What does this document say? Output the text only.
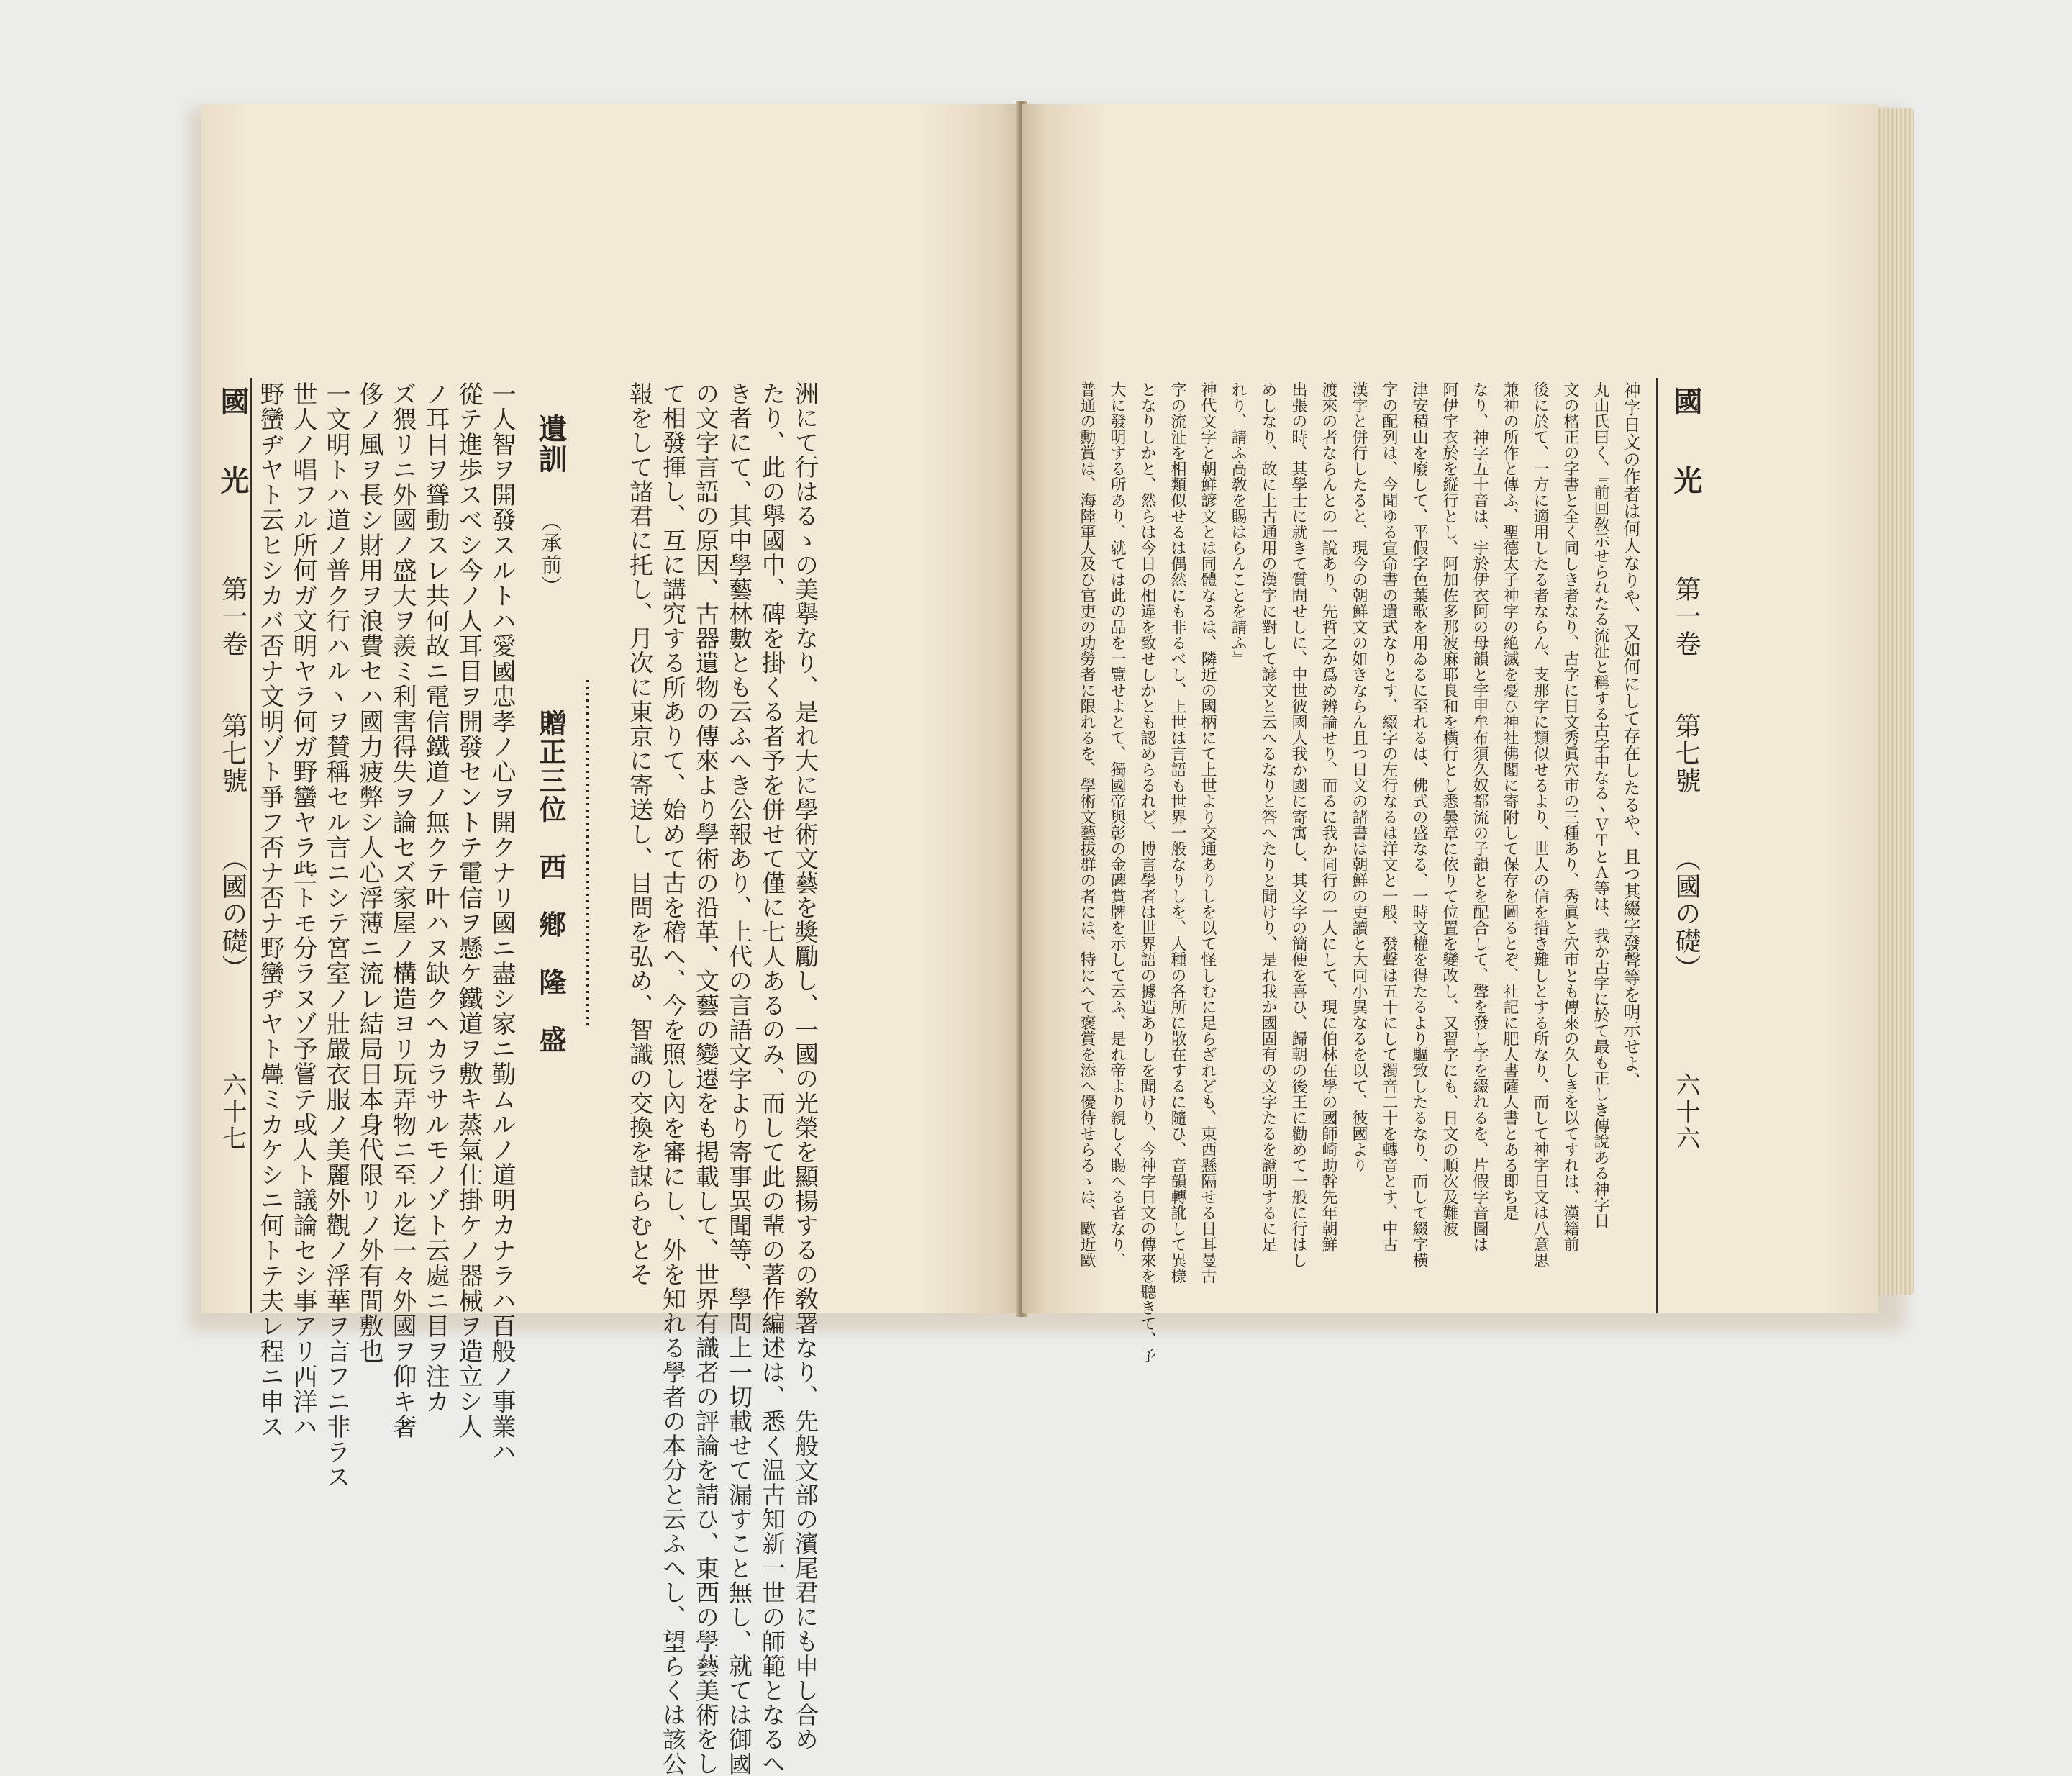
國
光
第一卷
第七號
（國の礎）
六十七	洲にて行はるゝの美擧なり、是れ大に學術文藝を獎勵し、一國の光榮を顯揚するの敎署なり、先般文部の濱尾君にも申し合め
たり、此の擧國中、碑を掛くる者予を併せて僅に七人あるのみ、而して此の輩の著作編述は、悉く温古知新一世の師範となるへ
き者にて、其中學藝林數とも云ふへき公報あり、上代の言語文字より寄事異聞等、學問上一切載せて漏すこと無し、就ては御國
の文字言語の原因、古器遺物の傳來より學術の沿革、文藝の變遷をも掲載して、世界有識者の評論を請ひ、東西の學藝美術をし
て相發揮し、互に講究する所ありて、始めて古を稽へ、今を照し內を審にし、外を知れる學者の本分と云ふへし、望らくは該公
報をして諸君に托し、月次に東京に寄送し、目問を弘め、智識の交換を謀らむとそ
遺訓
（承前）
贈正三位　西　鄕　隆　盛
一人智ヲ開發スルトハ愛國忠孝ノ心ヲ開クナリ國ニ盡シ家ニ勤ムルノ道明カナラハ百般ノ事業ハ
從テ進歩スベシ今ノ人耳目ヲ開發セントテ電信ヲ懸ケ鐵道ヲ敷キ蒸氣仕掛ケノ器械ヲ造立シ人
ノ耳目ヲ聳動スレ共何故ニ電信鐵道ノ無クテ叶ハヌ缺クヘカラサルモノゾト云處ニ目ヲ注カ
ズ猥リニ外國ノ盛大ヲ羨ミ利害得失ヲ論セズ家屋ノ構造ヨリ玩弄物ニ至ル迄一々外國ヲ仰キ奢
侈ノ風ヲ長シ財用ヲ浪費セハ國力疲弊シ人心浮薄ニ流レ結局日本身代限リノ外有間敷也
一文明トハ道ノ普ク行ハルヽヲ賛稱セル言ニシテ宮室ノ壯嚴衣服ノ美麗外觀ノ浮華ヲ言フニ非ラス
世人ノ唱フル所何ガ文明ヤラ何ガ野蠻ヤラ些トモ分ラヌゾ予嘗テ或人ト議論セシ事アリ西洋ハ
野蠻ヂヤト云ヒシカバ否ナ文明ゾト爭フ否ナ否ナ野蠻ヂヤト疊ミカケシニ何トテ夫レ程ニ申ス	國
光
第一卷
第七號
（國の礎）
六十六
神字日文の作者は何人なりや、又如何にして存在したるや、且つ其綴字發聲等を明示せよ、
丸山氏曰く、『前回敎示せられたる流沚と稱する古字中なるヽＶＴとＡ等は、我か古字に於て最も正しき傳說ある神字日
文の楷正の字書と全く同しき者なり、古字に日文秀眞穴市の三種あり、秀眞と穴市とも傳來の久しきを以てすれは、漢籍前
後に於て、一方に適用したる者ならん、支那字に類似せるより、世人の信を措き難しとする所なり、而して神字日文は八意思
兼神の所作と傳ふ、聖德太子神字の絶滅を憂ひ神社佛閣に寄附して保存を圖るとぞ、社記に肥人書薩人書とある即ち是
なり、神字五十音は、宇於伊衣阿の母韻と宇甲牟布須久奴都流の子韻とを配合して、聲を發し字を綴れるを、片假字音圖は
阿伊宇衣於を縦行とし、阿加佐多那波麻耶良和を橫行とし悉曇章に依りて位置を變改し、又習字にも、日文の順次及難波
津安積山を廢して、平假字色葉歌を用ゐるに至れるは、佛式の盛なる、一時文權を得たるより驅致したるなり、而して綴字橫
字の配列は、今聞ゆる宣命書の遺式なりとす、綴字の左行なるは洋文と一般、發聲は五十にして濁音二十を轉音とす、中古
漢字と併行したると、現今の朝鮮文の如きならん且つ日文の諸書は朝鮮の吏讀と大同小異なるを以て、彼國より
渡來の者ならんとの一說あり、先哲之か爲め辨論せり、而るに我か同行の一人にして、現に伯林在學の國師崎助幹先年朝鮮
出張の時、其學士に就きて質問せしに、中世彼國人我か國に寄寓し、其文字の簡便を喜ひ、歸朝の後王に勸めて一般に行はし
めしなり、故に上古通用の漢字に對して諺文と云へるなりと答へたりと聞けり、是れ我か國固有の文字たるを證明するに足
れり、請ふ高敎を賜はらんことを請ふ』
神代文字と朝鮮諺文とは同體なるは、隣近の國柄にて上世より交通ありしを以て怪しむに足らざれども、東西懸隔せる日耳曼古
字の流沚を相類似せるは偶然にも非るべし、上世は言語も世界一般なりしを、人種の各所に散在するに隨ひ、音韻轉訛して異様
となりしかと、然らは今日の相違を致せしかとも認めらるれど、博言學者は世界語の據造ありしを聞けり、今神字日文の傳來を聽きて、予
大に發明する所あり、就ては此の品を一覽せよとて、獨國帝與彰の金碑賞牌を示して云ふ、是れ帝より親しく賜へる者なり、
普通の勳賞は、海陸軍人及ひ官吏の功勞者に限れるを、學術文藝拔群の者には、特にへて褒賞を添へ優待せらるゝは、歐近歐
